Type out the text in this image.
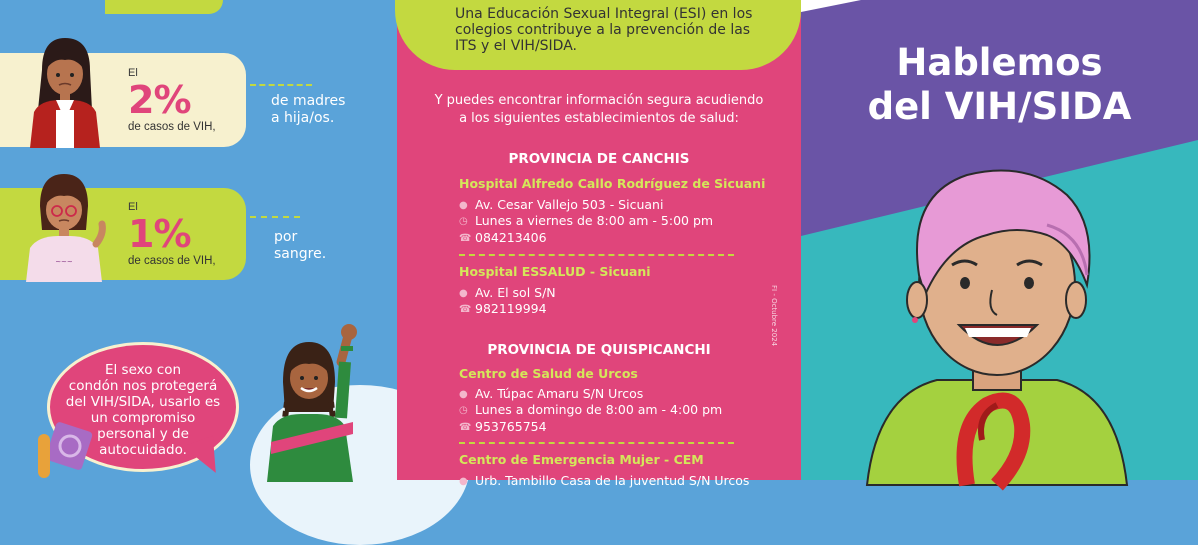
El
2%
de casos de VIH,
de madres
a hija/os.
~~~
El
1%
de casos de VIH,
por
sangre.
El sexo con
condón nos protegerá
del VIH/SIDA, usarlo es
un compromiso
personal y de
autocuidado.
Una Educación Sexual Integral (ESI) en los
colegios contribuye a la prevención de las
ITS y el VIH/SIDA.
Y puedes encontrar información segura acudiendo
a los siguientes establecimientos de salud:
PROVINCIA DE CANCHIS
Hospital Alfredo Callo Rodríguez de Sicuani
● Av. Cesar Vallejo 503 - Sicuani
◷ Lunes a viernes de 8:00 am - 5:00 pm
☎ 084213406
Hospital ESSALUD - Sicuani
● Av. El sol S/N
☎ 982119994
PROVINCIA DE QUISPICANCHI
Centro de Salud de Urcos
● Av. Túpac Amaru S/N Urcos
◷ Lunes a domingo de 8:00 am - 4:00 pm
☎ 953765754
Centro de Emergencia Mujer - CEM
● Urb. Tambillo Casa de la juventud S/N Urcos
FI - Octubre 2024
Hablemos
del VIH/SIDA
